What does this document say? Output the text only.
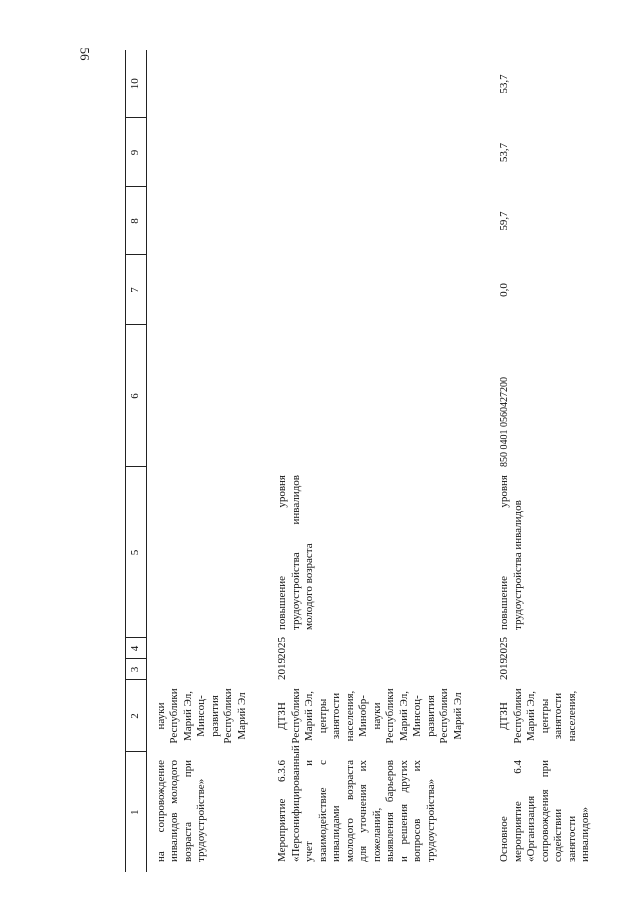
56
1	2	3	4	5	6	7	8	9	10
на сопровождение инвалидов молодого возраста при трудоустройстве»	науки Республики Марий Эл, Минсоц-развития Республики Марий Эл								
Мероприятие 6.3.6 «Персонифицированный учет и взаимодействие с инвалидами молодого возраста для уточнения их пожеланий, выявления барьеров и решения других вопросов их трудоустройства»	ДТЗН Республики Марий Эл, центры занятости населения, Минобр-науки Республики Марий Эл, Минсоц-развития Республики Марий Эл	2019	2025	повышение уровня трудоустройства инвалидов молодого возраста					
Основное мероприятие 6.4 «Организация сопровождения при содействии занятости инвалидов»	ДТЗН Республики Марий Эл, центры занятости населения,	2019	2025	повышение уровня трудоустройства инвалидов	850 0401 0560427200	0,0	59,7	53,7	53,7
